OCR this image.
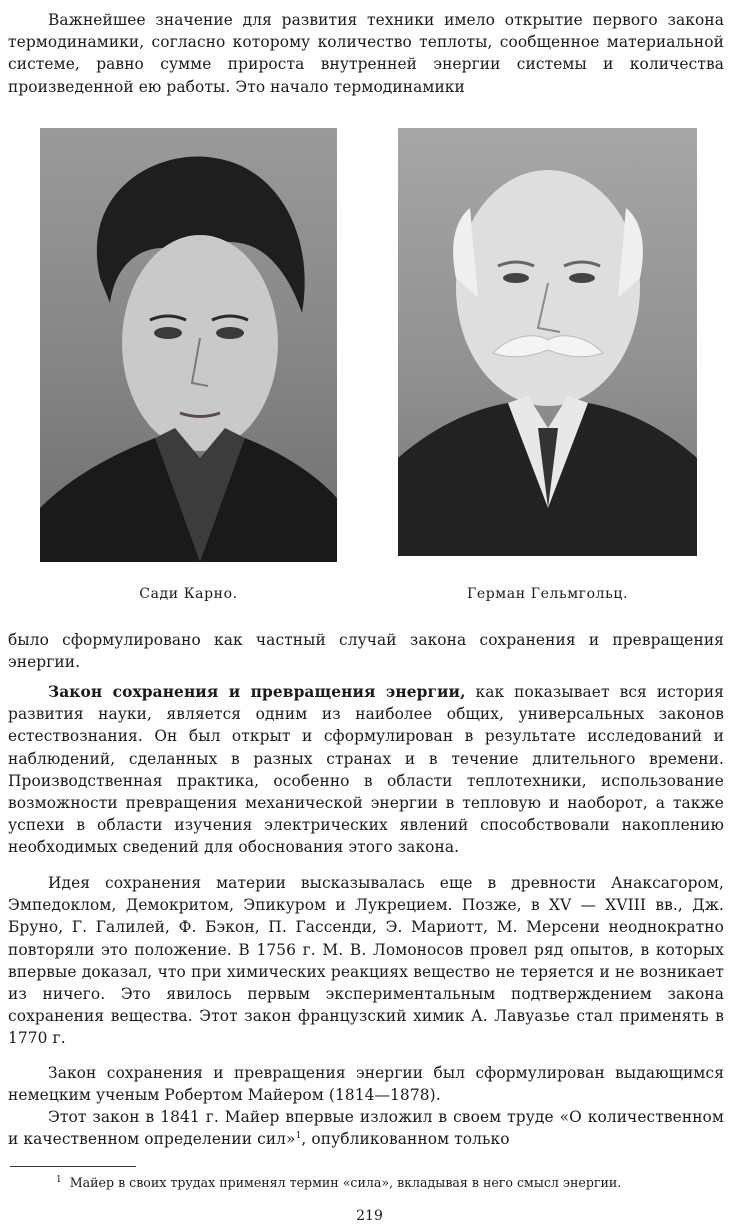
Важнейшее значение для развития техники имело открытие первого закона термодинамики, согласно которому количество теплоты, сообщенное материальной системе, равно сумме прироста внутренней энергии системы и количества произведенной ею работы. Это начало термодинамики

Сади Карно.	Герман Гельмгольц.

было сформулировано как частный случай закона сохранения и превращения энергии.

Закон сохранения и превращения энергии, как показывает вся история развития науки, является одним из наиболее общих, универсальных законов естествознания. Он был открыт и сформулирован в результате исследований и наблюдений, сделанных в разных странах и в течение длительного времени. Производственная практика, особенно в области теплотехники, использование возможности превращения механической энергии в тепловую и наоборот, а также успехи в области изучения электрических явлений способствовали накоплению необходимых сведений для обоснования этого закона.

Идея сохранения материи высказывалась еще в древности Анаксагором, Эмпедоклом, Демокритом, Эпикуром и Лукрецием. Позже, в XV — XVIII вв., Дж. Бруно, Г. Галилей, Ф. Бэкон, П. Гассенди, Э. Мариотт, М. Мерсени неоднократно повторяли это положение. В 1756 г. М. В. Ломоносов провел ряд опытов, в которых впервые доказал, что при химических реакциях вещество не теряется и не возникает из ничего. Это явилось первым экспериментальным подтверждением закона сохранения вещества. Этот закон французский химик А. Лавуазье стал применять в 1770 г.

Закон сохранения и превращения энергии был сформулирован выдающимся немецким ученым Робертом Майером (1814—1878).

Этот закон в 1841 г. Майер впервые изложил в своем труде «О количественном и качественном определении сил»$^1$, опубликованном только

$^1$ Майер в своих трудах применял термин «сила», вкладывая в него смысл энергии.

219
